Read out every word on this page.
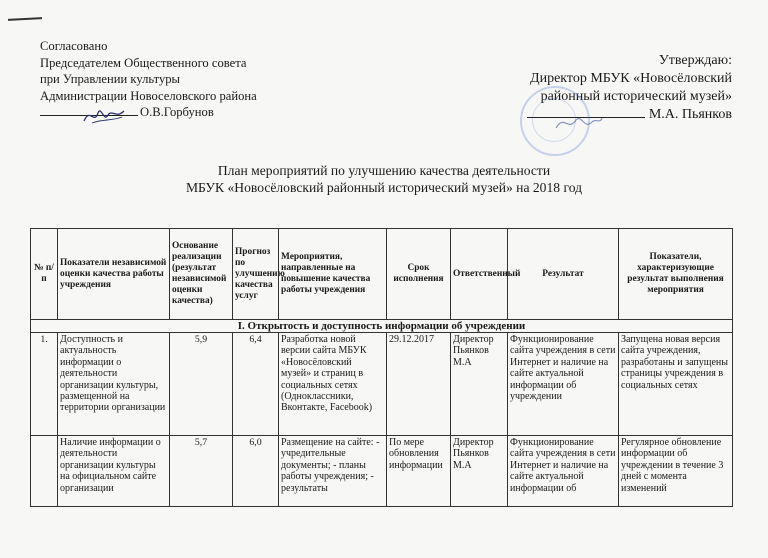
Согласовано
Председателем Общественного совета
при Управлении культуры
Администрации Новоселовского района
О.В.Горбунов
Утверждаю:
Директор МБУК «Новосёловский
районный исторический музей»
М.А. Пьянков
План мероприятий по улучшению качества деятельности
МБУК «Новосёловский районный исторический музей» на 2018 год
№ п/п	Показатели независимой оценки качества работы учреждения	Основание реализации (результат независимой оценки качества)	Прогноз по улучшению качества услуг	Мероприятия, направленные на повышение качества работы учреждения	Срок исполнения	Ответственный	Результат	Показатели, характеризующие результат выполнения мероприятия
I. Открытость и доступность информации об учреждении								
1.	Доступность и актуальность информации о деятельности организации культуры, размещенной на территории организации	5,9	6,4	Разработка новой версии сайта МБУК «Новосёловский музей» и страниц в социальных сетях (Одноклассники, Вконтакте, Facebook)	29.12.2017	Директор Пьянков М.А	Функционирование сайта учреждения в сети Интернет и наличие на сайте актуальной информации об учреждении	Запущена новая версия сайта учреждения, разработаны и запущены страницы учреждения в социальных сетях
	Наличие информации о деятельности организации культуры на официальном сайте организации	5,7	6,0	Размещение на сайте: - учредительные документы; - планы работы учреждения; - результаты	По мере обновления информации	Директор Пьянков М.А	Функционирование сайта учреждения в сети Интернет и наличие на сайте актуальной информации об	Регулярное обновление информации об учреждении в течение 3 дней с момента изменений
